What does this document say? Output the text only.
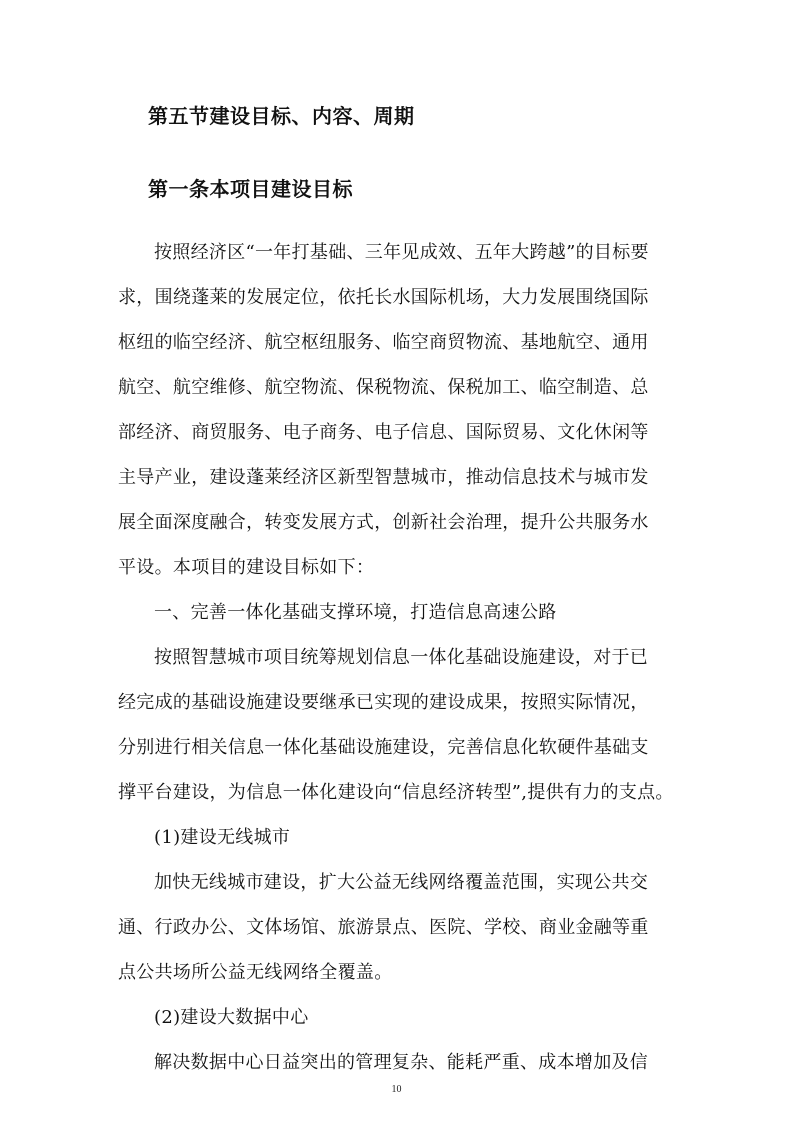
第五节建设目标、内容、周期
第一条本项目建设目标
按照经济区“一年打基础、三年见成效、五年大跨越”的目标要
求，围绕蓬莱的发展定位，依托长水国际机场，大力发展围绕国际
枢纽的临空经济、航空枢纽服务、临空商贸物流、基地航空、通用
航空、航空维修、航空物流、保税物流、保税加工、临空制造、总
部经济、商贸服务、电子商务、电子信息、国际贸易、文化休闲等
主导产业，建设蓬莱经济区新型智慧城市，推动信息技术与城市发
展全面深度融合，转变发展方式，创新社会治理，提升公共服务水
平设。本项目的建设目标如下：
一、完善一体化基础支撑环境，打造信息高速公路
按照智慧城市项目统筹规划信息一体化基础设施建设，对于已
经完成的基础设施建设要继承已实现的建设成果，按照实际情况，
分别进行相关信息一体化基础设施建设，完善信息化软硬件基础支
撑平台建设，为信息一体化建设向“信息经济转型”,提供有力的支点。
(1)建设无线城市
加快无线城市建设，扩大公益无线网络覆盖范围，实现公共交
通、行政办公、文体场馆、旅游景点、医院、学校、商业金融等重
点公共场所公益无线网络全覆盖。
(2)建设大数据中心
解决数据中心日益突出的管理复杂、能耗严重、成本增加及信
10
